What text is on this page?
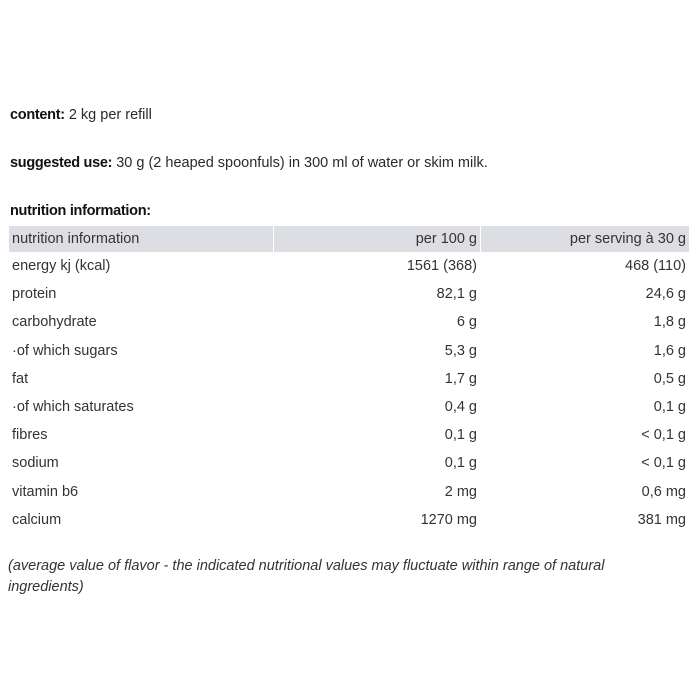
content: 2 kg per refill
suggested use: 30 g (2 heaped spoonfuls) in 300 ml of water or skim milk.
nutrition information:
nutrition information	per 100 g	per serving à 30 g
energy kj (kcal)	1561 (368)	468 (110)
protein	82,1 g	24,6 g
carbohydrate	6 g	1,8 g
·of which sugars	5,3 g	1,6 g
fat	1,7 g	0,5 g
·of which saturates	0,4 g	0,1 g
fibres	0,1 g	< 0,1 g
sodium	0,1 g	< 0,1 g
vitamin b6	2 mg	0,6 mg
calcium	1270 mg	381 mg
(average value of flavor - the indicated nutritional values may fluctuate within range of natural ingredients)
